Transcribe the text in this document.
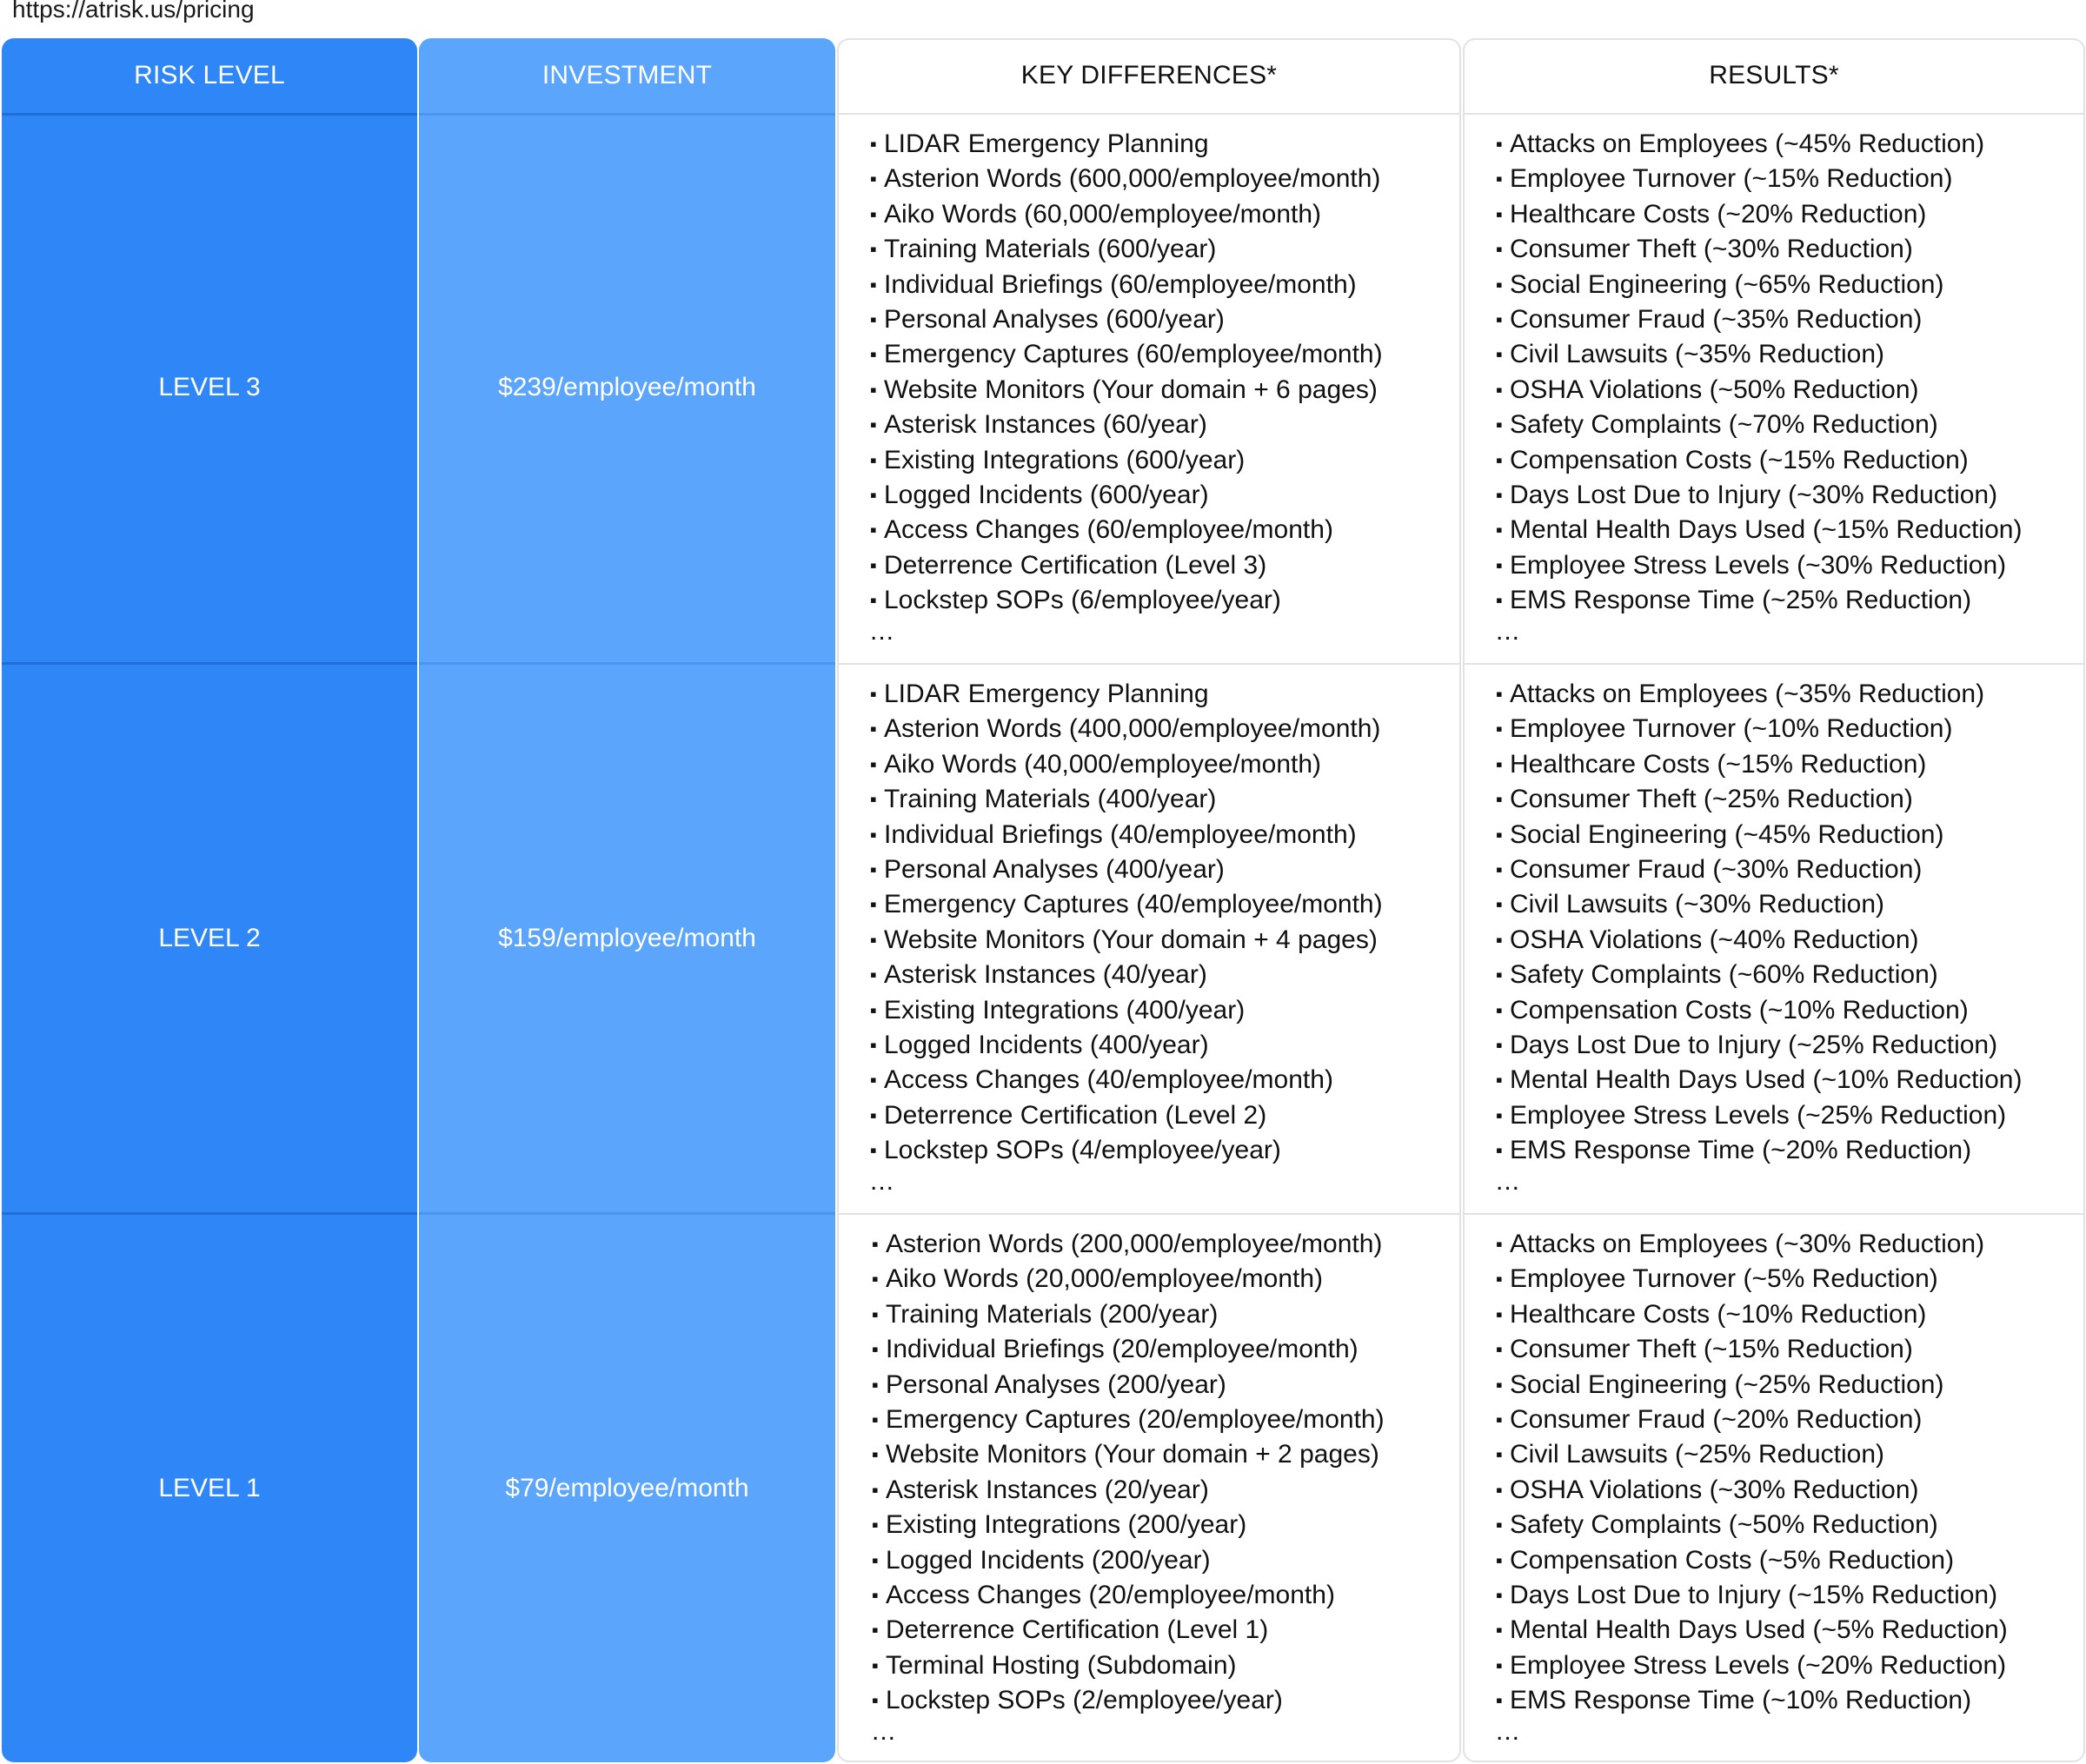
https://atrisk.us/pricing
RISK LEVEL
LEVEL 3
LEVEL 2
LEVEL 1
INVESTMENT
$239/employee/month
$159/employee/month
$79/employee/month
KEY DIFFERENCES*
▪ LIDAR Emergency Planning
▪ Asterion Words (600,000/employee/month)
▪ Aiko Words (60,000/employee/month)
▪ Training Materials (600/year)
▪ Individual Briefings (60/employee/month)
▪ Personal Analyses (600/year)
▪ Emergency Captures (60/employee/month)
▪ Website Monitors (Your domain + 6 pages)
▪ Asterisk Instances (60/year)
▪ Existing Integrations (600/year)
▪ Logged Incidents (600/year)
▪ Access Changes (60/employee/month)
▪ Deterrence Certification (Level 3)
▪ Lockstep SOPs (6/employee/year)
...
▪ LIDAR Emergency Planning
▪ Asterion Words (400,000/employee/month)
▪ Aiko Words (40,000/employee/month)
▪ Training Materials (400/year)
▪ Individual Briefings (40/employee/month)
▪ Personal Analyses (400/year)
▪ Emergency Captures (40/employee/month)
▪ Website Monitors (Your domain + 4 pages)
▪ Asterisk Instances (40/year)
▪ Existing Integrations (400/year)
▪ Logged Incidents (400/year)
▪ Access Changes (40/employee/month)
▪ Deterrence Certification (Level 2)
▪ Lockstep SOPs (4/employee/year)
...
▪ Asterion Words (200,000/employee/month)
▪ Aiko Words (20,000/employee/month)
▪ Training Materials (200/year)
▪ Individual Briefings (20/employee/month)
▪ Personal Analyses (200/year)
▪ Emergency Captures (20/employee/month)
▪ Website Monitors (Your domain + 2 pages)
▪ Asterisk Instances (20/year)
▪ Existing Integrations (200/year)
▪ Logged Incidents (200/year)
▪ Access Changes (20/employee/month)
▪ Deterrence Certification (Level 1)
▪ Terminal Hosting (Subdomain)
▪ Lockstep SOPs (2/employee/year)
...
RESULTS*
▪ Attacks on Employees (~45% Reduction)
▪ Employee Turnover (~15% Reduction)
▪ Healthcare Costs (~20% Reduction)
▪ Consumer Theft (~30% Reduction)
▪ Social Engineering (~65% Reduction)
▪ Consumer Fraud (~35% Reduction)
▪ Civil Lawsuits (~35% Reduction)
▪ OSHA Violations (~50% Reduction)
▪ Safety Complaints (~70% Reduction)
▪ Compensation Costs (~15% Reduction)
▪ Days Lost Due to Injury (~30% Reduction)
▪ Mental Health Days Used (~15% Reduction)
▪ Employee Stress Levels (~30% Reduction)
▪ EMS Response Time (~25% Reduction)
...
▪ Attacks on Employees (~35% Reduction)
▪ Employee Turnover (~10% Reduction)
▪ Healthcare Costs (~15% Reduction)
▪ Consumer Theft (~25% Reduction)
▪ Social Engineering (~45% Reduction)
▪ Consumer Fraud (~30% Reduction)
▪ Civil Lawsuits (~30% Reduction)
▪ OSHA Violations (~40% Reduction)
▪ Safety Complaints (~60% Reduction)
▪ Compensation Costs (~10% Reduction)
▪ Days Lost Due to Injury (~25% Reduction)
▪ Mental Health Days Used (~10% Reduction)
▪ Employee Stress Levels (~25% Reduction)
▪ EMS Response Time (~20% Reduction)
...
▪ Attacks on Employees (~30% Reduction)
▪ Employee Turnover (~5% Reduction)
▪ Healthcare Costs (~10% Reduction)
▪ Consumer Theft (~15% Reduction)
▪ Social Engineering (~25% Reduction)
▪ Consumer Fraud (~20% Reduction)
▪ Civil Lawsuits (~25% Reduction)
▪ OSHA Violations (~30% Reduction)
▪ Safety Complaints (~50% Reduction)
▪ Compensation Costs (~5% Reduction)
▪ Days Lost Due to Injury (~15% Reduction)
▪ Mental Health Days Used (~5% Reduction)
▪ Employee Stress Levels (~20% Reduction)
▪ EMS Response Time (~10% Reduction)
...
